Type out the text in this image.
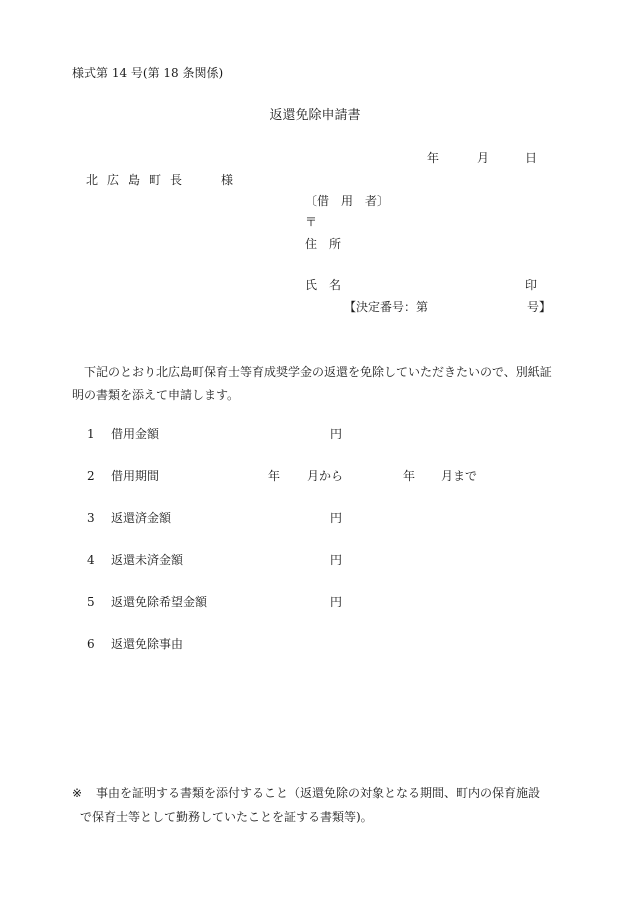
様式第 14 号(第 18 条関係)
返還免除申請書
年	月	日
北広島町長 様
〔借　用　者〕
〒
住　所
氏　名	印
【決定番号：第	号】
下記のとおり北広島町保育士等育成奨学金の返還を免除していただきたいので、別紙証明の書類を添えて申請します。
1 借用金額	円
2 借用期間	年 月から	年 月まで
3 返還済金額	円
4 返還未済金額	円
5 返還免除希望金額	円
6 返還免除事由
※ 事由を証明する書類を添付すること（返還免除の対象となる期間、町内の保育施設
で保育士等として勤務していたことを証する書類等)。
